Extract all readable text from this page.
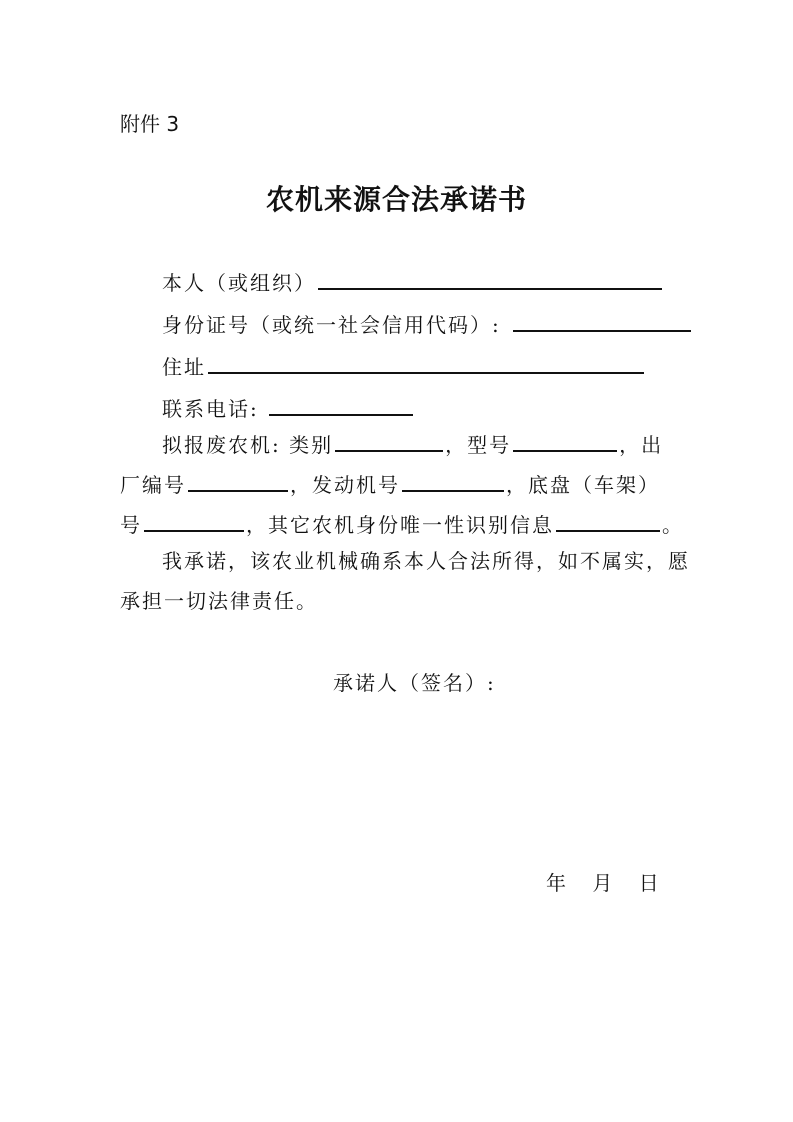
附件 3
农机来源合法承诺书
本人（或组织）
身份证号（或统一社会信用代码）:
住址
联系电话:
拟报废农机: 类别	，型号	，出
厂编号	，发动机号	，底盘（车架）
号	，其它农机身份唯一性识别信息	。
我承诺，该农业机械确系本人合法所得，如不属实，愿
承担一切法律责任。
承诺人（签名）:
年 月 日
